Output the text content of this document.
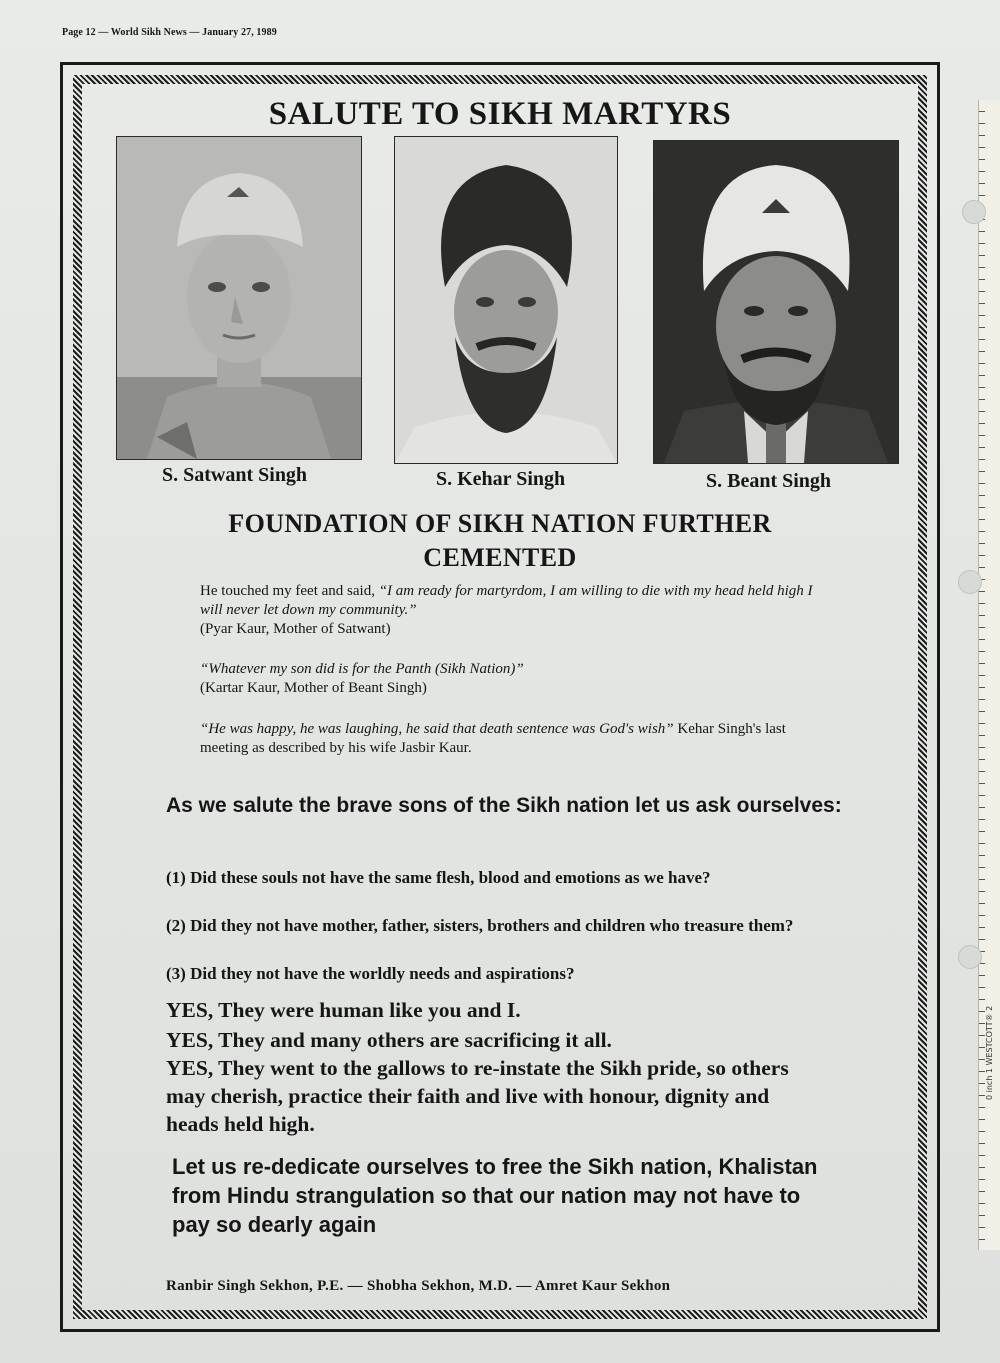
Page 12 — World Sikh News — January 27, 1989
0 inch 1 WESTCOTT® 2
SALUTE TO SIKH MARTYRS
S. Satwant Singh	S. Kehar Singh	S. Beant Singh
FOUNDATION OF SIKH NATION FURTHER
CEMENTED
He touched my feet and said, “I am ready for martyrdom, I am willing to die with my head held high I will never let down my community.”
(Pyar Kaur, Mother of Satwant)
“Whatever my son did is for the Panth (Sikh Nation)”
(Kartar Kaur, Mother of Beant Singh)
“He was happy, he was laughing, he said that death sentence was God's wish” Kehar Singh's last meeting as described by his wife Jasbir Kaur.
As we salute the brave sons of the Sikh nation let us ask ourselves:
(1) Did these souls not have the same flesh, blood and emotions as we have?
(2) Did they not have mother, father, sisters, brothers and children who treasure them?
(3) Did they not have the worldly needs and aspirations?
YES, They were human like you and I.
YES, They and many others are sacrificing it all.
YES, They went to the gallows to re-instate the Sikh pride, so others may cherish, practice their faith and live with honour, dignity and heads held high.
Let us re-dedicate ourselves to free the Sikh nation, Khalistan from Hindu strangulation so that our nation may not have to pay so dearly again
Ranbir Singh Sekhon, P.E. — Shobha Sekhon, M.D. — Amret Kaur Sekhon
